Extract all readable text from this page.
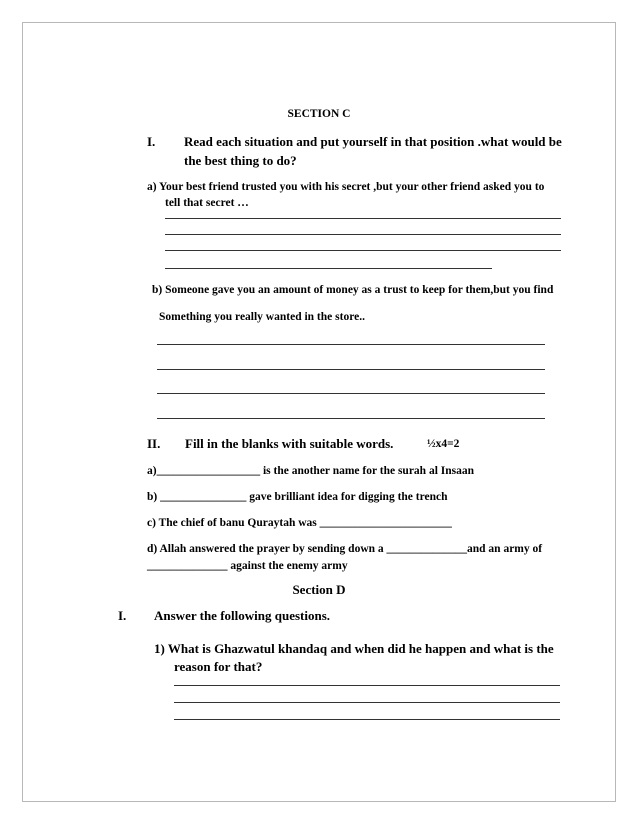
SECTION C
I. Read each situation and put yourself in that position .what would be
the best thing to do?
a) Your best friend trusted you with his secret ,but your other friend asked you to
tell that secret …
b) Someone gave you an amount of money as a trust to keep for them,but you find
Something you really wanted in the store..
II. Fill in the blanks with suitable words.	½x4=2
a)__________________ is the another name for the surah al Insaan
b) _______________ gave brilliant idea for digging the trench
c) The chief of banu Quraytah was _______________________
d) Allah answered the prayer by sending down a ______________and an army of
______________ against the enemy army
Section D
I. Answer the following questions.
1) What is Ghazwatul khandaq and when did he happen and what is the
reason for that?
